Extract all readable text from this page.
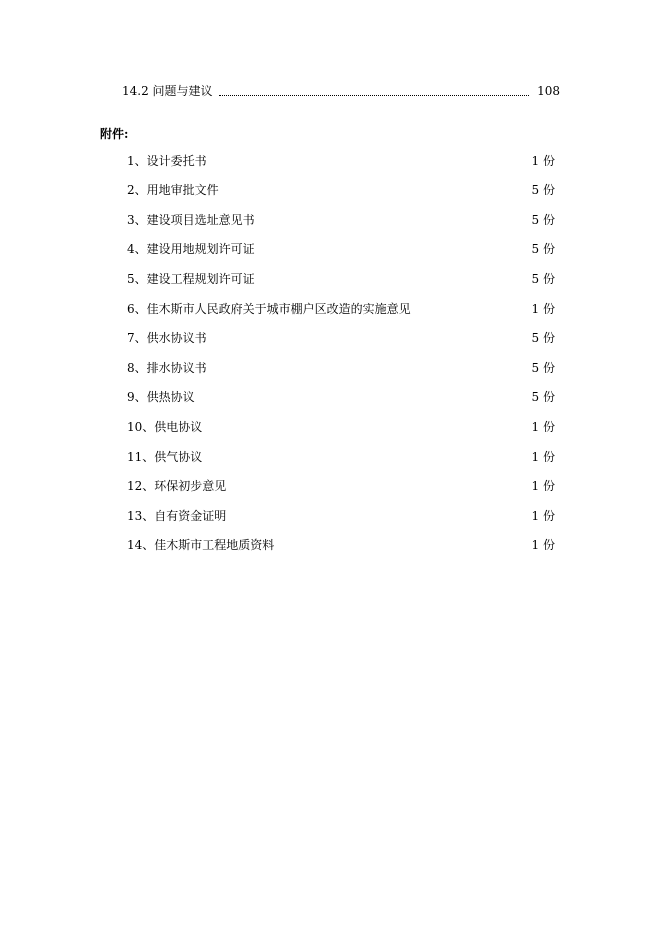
14.2 问题与建议	108
附件:
1、设计委托书	1 份
2、用地审批文件	5 份
3、建设项目选址意见书	5 份
4、建设用地规划许可证	5 份
5、建设工程规划许可证	5 份
6、佳木斯市人民政府关于城市棚户区改造的实施意见	1 份
7、供水协议书	5 份
8、排水协议书	5 份
9、供热协议	5 份
10、供电协议	1 份
11、供气协议	1 份
12、环保初步意见	1 份
13、自有资金证明	1 份
14、佳木斯市工程地质资料	1 份
